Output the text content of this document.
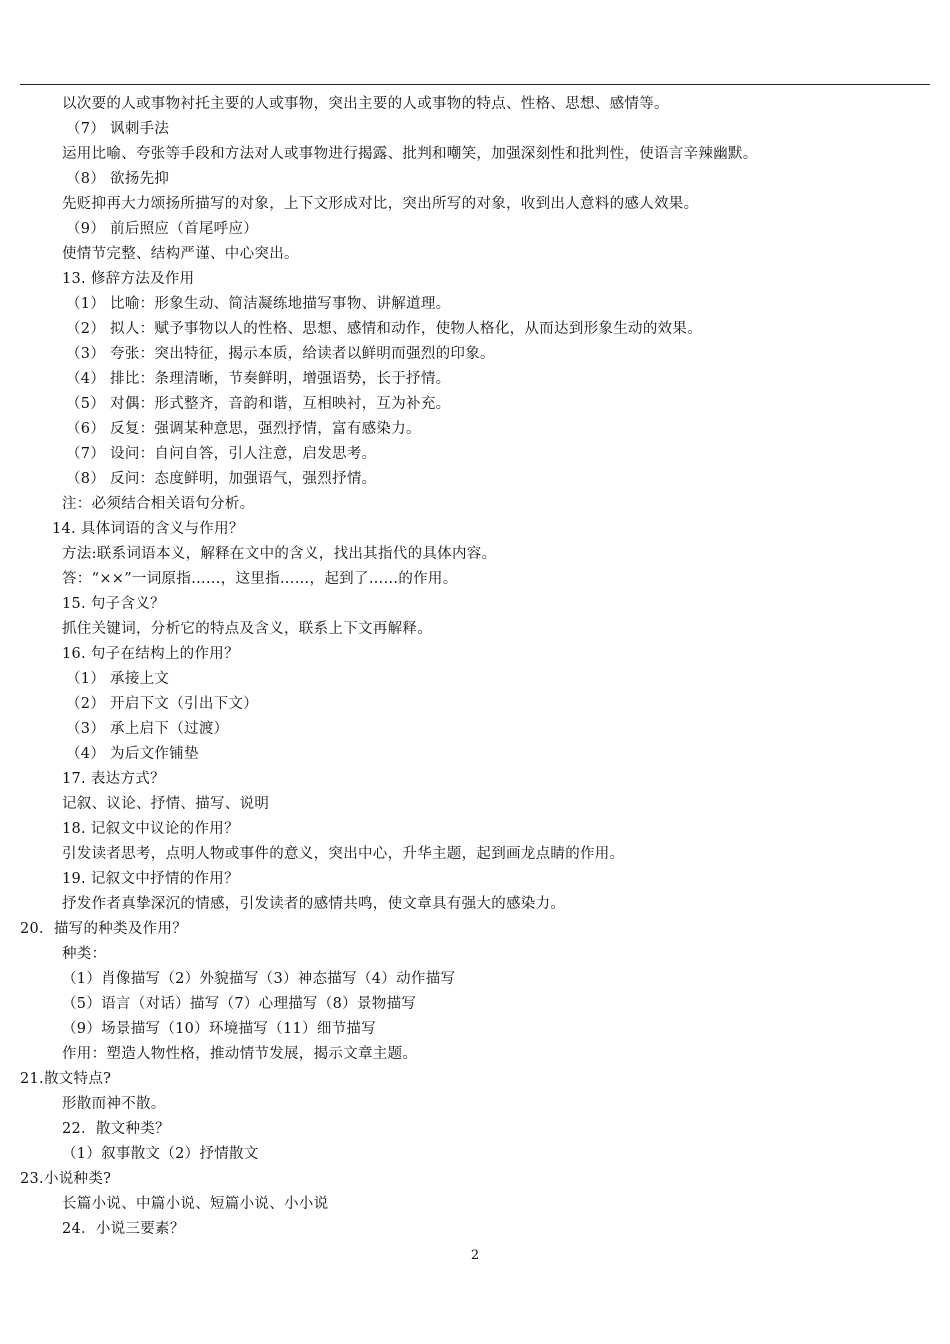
以次要的人或事物衬托主要的人或事物，突出主要的人或事物的特点、性格、思想、感情等。
（7） 讽刺手法
运用比喻、夸张等手段和方法对人或事物进行揭露、批判和嘲笑，加强深刻性和批判性，使语言辛辣幽默。
（8） 欲扬先抑
先贬抑再大力颂扬所描写的对象，上下文形成对比，突出所写的对象，收到出人意料的感人效果。
（9） 前后照应（首尾呼应）
使情节完整、结构严谨、中心突出。
13. 修辞方法及作用
（1） 比喻：形象生动、简洁凝练地描写事物、讲解道理。
（2） 拟人：赋予事物以人的性格、思想、感情和动作，使物人格化，从而达到形象生动的效果。
（3） 夸张：突出特征，揭示本质，给读者以鲜明而强烈的印象。
（4） 排比：条理清晰，节奏鲜明，增强语势，长于抒情。
（5） 对偶：形式整齐，音韵和谐，互相映衬，互为补充。
（6） 反复：强调某种意思，强烈抒情，富有感染力。
（7） 设问：自问自答，引人注意，启发思考。
（8） 反问：态度鲜明，加强语气，强烈抒情。
注：必须结合相关语句分析。
14. 具体词语的含义与作用？
方法:联系词语本义，解释在文中的含义，找出其指代的具体内容。
答：“××”一词原指……，这里指……，起到了……的作用。
15. 句子含义？
抓住关键词，分析它的特点及含义，联系上下文再解释。
16. 句子在结构上的作用？
（1） 承接上文
（2） 开启下文（引出下文）
（3） 承上启下（过渡）
（4） 为后文作铺垫
17. 表达方式？
记叙、议论、抒情、描写、说明
18. 记叙文中议论的作用？
引发读者思考，点明人物或事件的意义，突出中心，升华主题，起到画龙点睛的作用。
19. 记叙文中抒情的作用？
抒发作者真挚深沉的情感，引发读者的感情共鸣，使文章具有强大的感染力。
20．描写的种类及作用？
种类：
（1）肖像描写（2）外貌描写（3）神态描写（4）动作描写
（5）语言（对话）描写（7）心理描写（8）景物描写
（9）场景描写（10）环境描写（11）细节描写
作用：塑造人物性格，推动情节发展，揭示文章主题。
21.散文特点?
形散而神不散。
22．散文种类？
（1）叙事散文（2）抒情散文
23.小说种类?
长篇小说、中篇小说、短篇小说、小小说
24．小说三要素？
2
